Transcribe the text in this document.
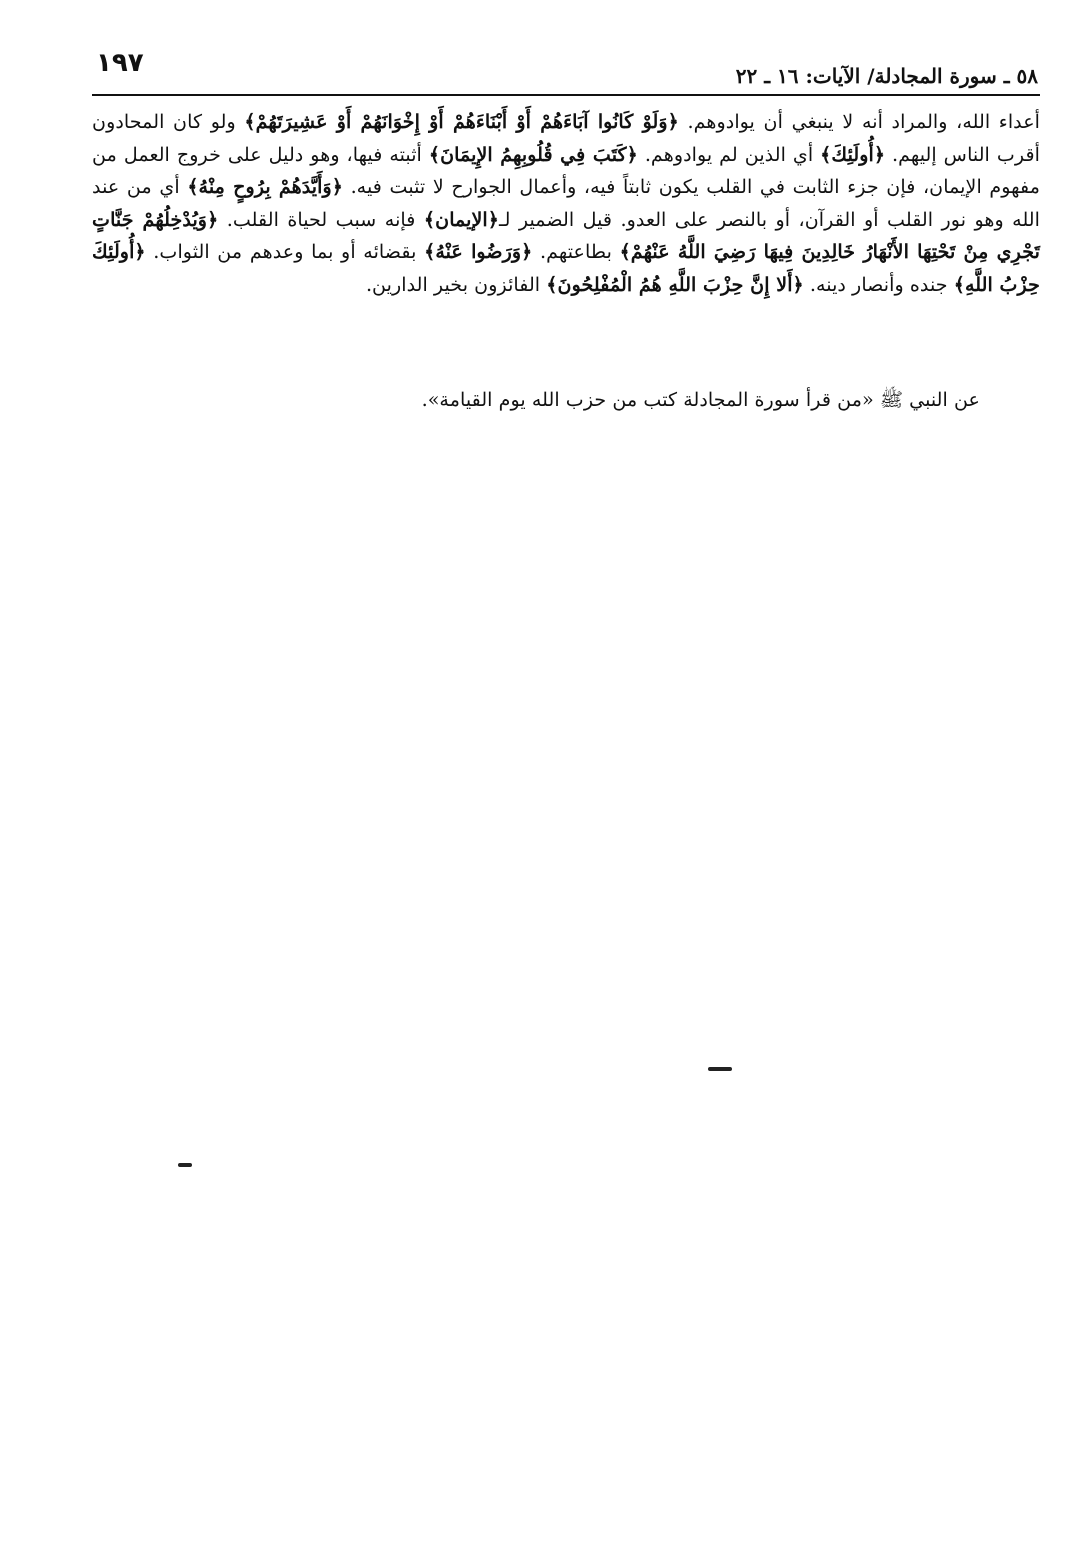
١٩٧	٥٨ ـ سورة المجادلة/ الآيات: ١٦ ـ ٢٢
أعداء الله، والمراد أنه لا ينبغي أن يوادوهم. ﴿وَلَوْ كَانُوا آبَاءَهُمْ أَوْ أَبْنَاءَهُمْ أَوْ إِخْوَانَهُمْ أَوْ عَشِيرَتَهُمْ﴾ ولو كان المحادون أقرب الناس إليهم. ﴿أُولَئِكَ﴾ أي الذين لم يوادوهم. ﴿كَتَبَ فِي قُلُوبِهِمُ الإِيمَانَ﴾ أثبته فيها، وهو دليل على خروج العمل من مفهوم الإيمان، فإن جزء الثابت في القلب يكون ثابتاً فيه، وأعمال الجوارح لا تثبت فيه. ﴿وَأَيَّدَهُمْ بِرُوحٍ مِنْهُ﴾ أي من عند الله وهو نور القلب أو القرآن، أو بالنصر على العدو. قيل الضمير لـ﴿الإيمان﴾ فإنه سبب لحياة القلب. ﴿وَيُدْخِلُهُمْ جَنَّاتٍ تَجْرِي مِنْ تَحْتِهَا الأَنْهَارُ خَالِدِينَ فِيهَا رَضِيَ اللَّهُ عَنْهُمْ﴾ بطاعتهم. ﴿وَرَضُوا عَنْهُ﴾ بقضائه أو بما وعدهم من الثواب. ﴿أُولَئِكَ حِزْبُ اللَّهِ﴾ جنده وأنصار دينه. ﴿أَلا إِنَّ حِزْبَ اللَّهِ هُمُ الْمُفْلِحُونَ﴾ الفائزون بخير الدارين.
عن النبي ﷺ «من قرأ سورة المجادلة كتب من حزب الله يوم القيامة».
